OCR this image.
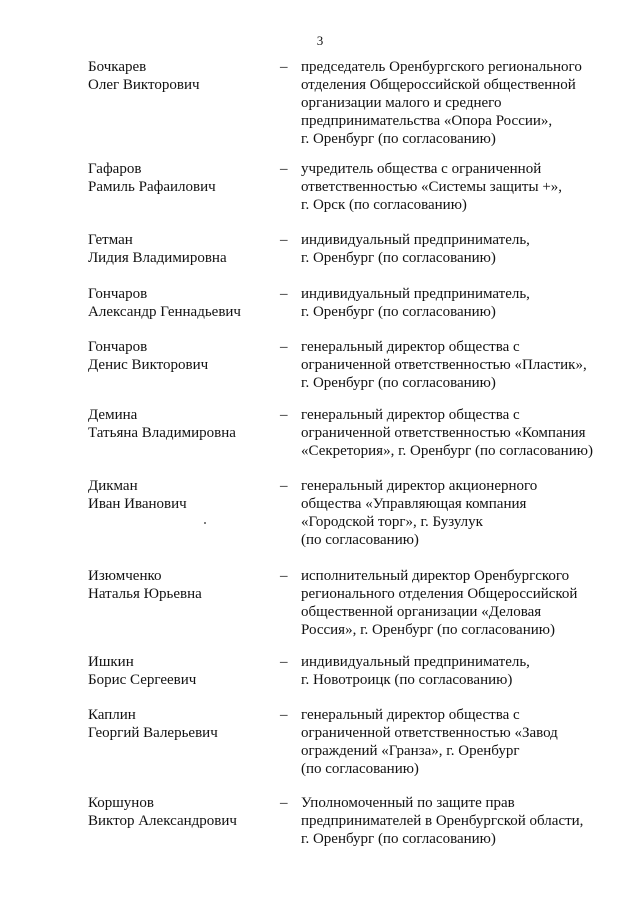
3
Бочкарев
Олег Викторович
– председатель Оренбургского регионального
отделения Общероссийской общественной
организации малого и среднего
предпринимательства «Опора России»,
г. Оренбург (по согласованию)
Гафаров
Рамиль Рафаилович
– учредитель общества с ограниченной
ответственностью «Системы защиты +»,
г. Орск (по согласованию)
Гетман
Лидия Владимировна
– индивидуальный предприниматель,
г. Оренбург (по согласованию)
Гончаров
Александр Геннадьевич
– индивидуальный предприниматель,
г. Оренбург (по согласованию)
Гончаров
Денис Викторович
– генеральный директор общества с
ограниченной ответственностью «Пластик»,
г. Оренбург (по согласованию)
Демина
Татьяна Владимировна
– генеральный директор общества с
ограниченной ответственностью «Компания
«Секретория», г. Оренбург (по согласованию)
Дикман
Иван Иванович
– генеральный директор акционерного
общества «Управляющая компания
«Городской торг», г. Бузулук
(по согласованию)
Изюмченко
Наталья Юрьевна
– исполнительный директор Оренбургского
регионального отделения Общероссийской
общественной организации «Деловая
Россия», г. Оренбург (по согласованию)
Ишкин
Борис Сергеевич
– индивидуальный предприниматель,
г. Новотроицк (по согласованию)
Каплин
Георгий Валерьевич
– генеральный директор общества с
ограниченной ответственностью «Завод
ограждений «Гранза», г. Оренбург
(по согласованию)
Коршунов
Виктор Александрович
– Уполномоченный по защите прав
предпринимателей в Оренбургской области,
г. Оренбург (по согласованию)
